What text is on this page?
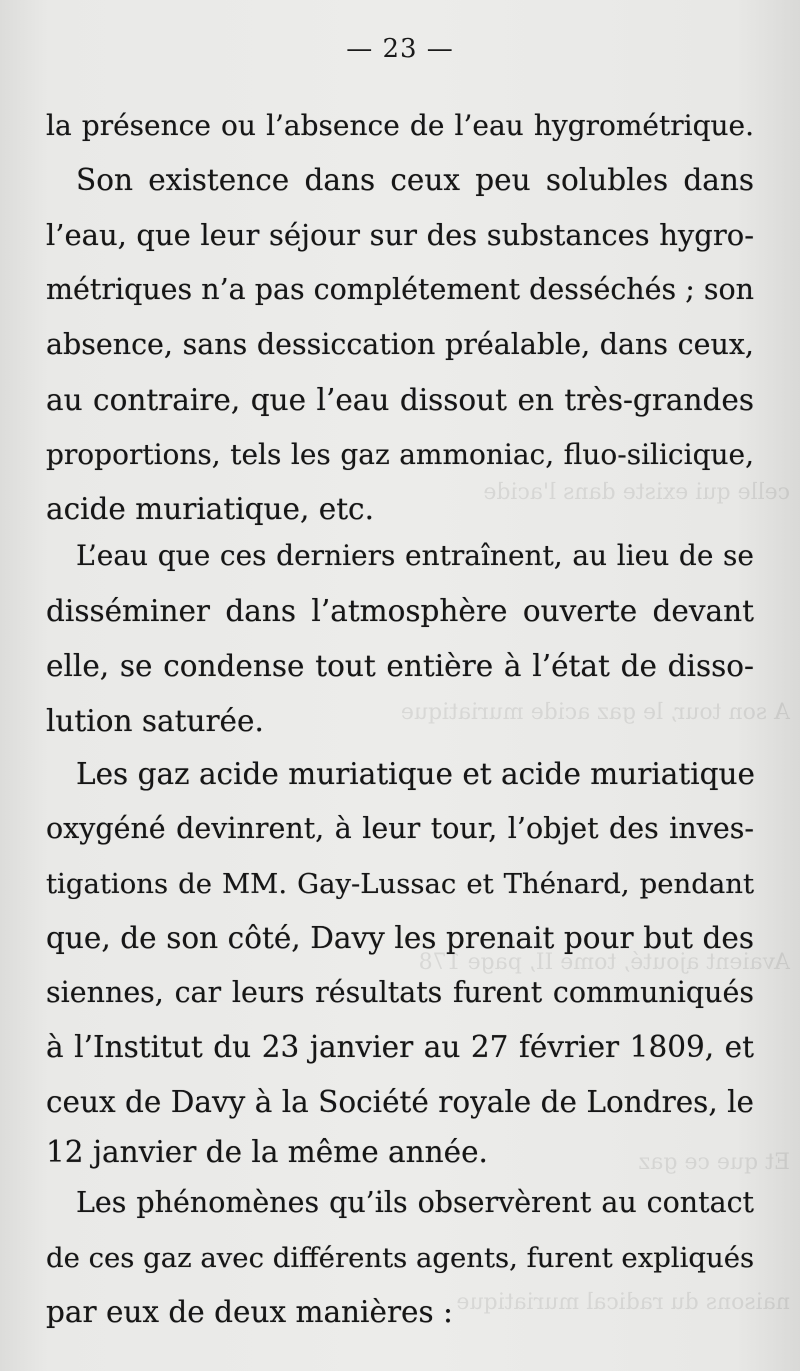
celle qui existe dans l'acide
A son tour, le gaz acide muriatique
Avaient ajouté, tome II, page 178
Et que ce gaz
naisons du radical muriatique
— 23 —
la présence ou l’absence de l’eau hygrométrique.
Son existence dans ceux peu solubles dans
l’eau, que leur séjour sur des substances hygro-
métriques n’a pas complétement desséchés ; son
absence, sans dessiccation préalable, dans ceux,
au contraire, que l’eau dissout en très-grandes
proportions, tels les gaz ammoniac, fluo-silicique,
acide muriatique, etc.
L’eau que ces derniers entraînent, au lieu de se
disséminer dans l’atmosphère ouverte devant
elle, se condense tout entière à l’état de disso-
lution saturée.
Les gaz acide muriatique et acide muriatique
oxygéné devinrent, à leur tour, l’objet des inves-
tigations de MM. Gay-Lussac et Thénard, pendant
que, de son côté, Davy les prenait pour but des
siennes, car leurs résultats furent communiqués
à l’Institut du 23 janvier au 27 février 1809, et
ceux de Davy à la Société royale de Londres, le
12 janvier de la même année.
Les phénomènes qu’ils observèrent au contact
de ces gaz avec différents agents, furent expliqués
par eux de deux manières :
